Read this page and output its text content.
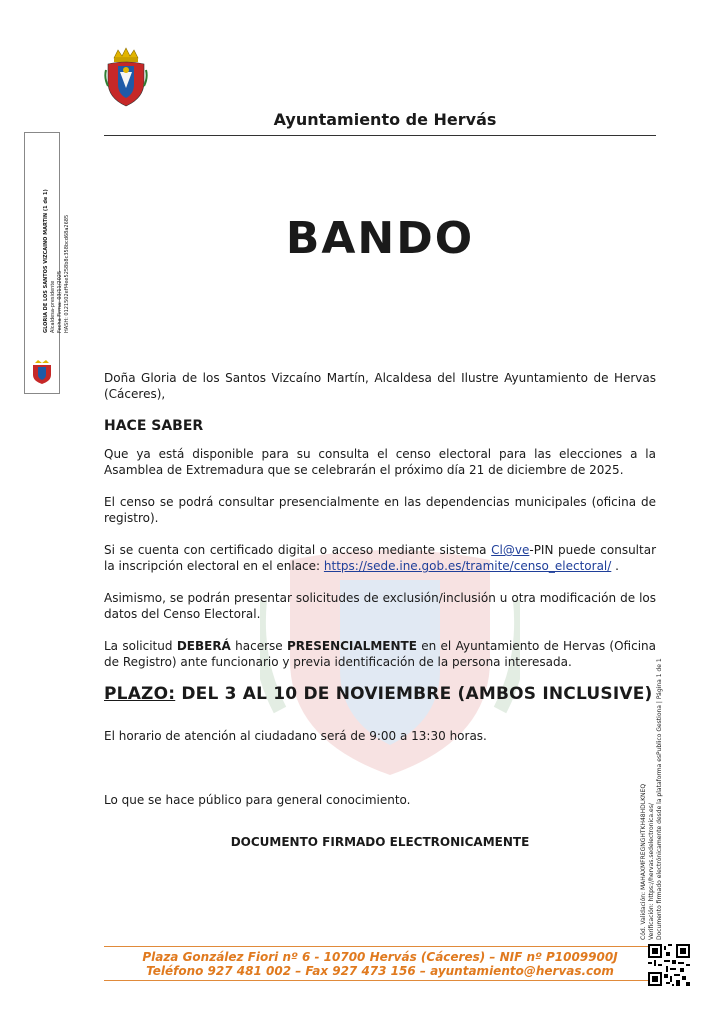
Ayuntamiento de Hervás
GLORIA DE LOS SANTOS VIZCAINO MARTIN (1 de 1) Alcaldesa-presidente Fecha Firma: 03/11/2025 HASH: 0121502eff4ee5258b8c358bcd68a2685	BANDO

Doña Gloria de los Santos Vizcaíno Martín, Alcaldesa del Ilustre Ayuntamiento de Hervas (Cáceres),

HACE SABER

Que ya está disponible para su consulta el censo electoral para las elecciones a la Asamblea de Extremadura que se celebrarán el próximo día 21 de diciembre de 2025.

El censo se podrá consultar presencialmente en las dependencias municipales (oficina de registro).

Si se cuenta con certificado digital o acceso mediante sistema Cl@ve-PIN puede consultar la inscripción electoral en el enlace: https://sede.ine.gob.es/tramite/censo_electoral/ .

Asimismo, se podrán presentar solicitudes de exclusión/inclusión u otra modificación de los datos del Censo Electoral.

La solicitud DEBERÁ hacerse PRESENCIALMENTE en el Ayuntamiento de Hervas (Oficina de Registro) ante funcionario y previa identificación de la persona interesada.

PLAZO: DEL 3 AL 10 DE NOVIEMBRE (AMBOS INCLUSIVE)

El horario de atención al ciudadano será de 9:00 a 13:30 horas.

Lo que se hace público para general conocimiento.

DOCUMENTO FIRMADO ELECTRONICAMENTE

Plaza González Fiori nº 6 - 10700 Hervás (Cáceres) – NIF nº P1009900J
Teléfono 927 481 002 – Fax 927 473 156 – ayuntamiento@hervas.com
Cód. Validación: MAHAXMFREGNGHTKH48HDLKNEQ Verificación: https://hervas.sedelectronica.es/ Documento firmado electrónicamente desde la plataforma esPublico Gestiona | Página 1 de 1
